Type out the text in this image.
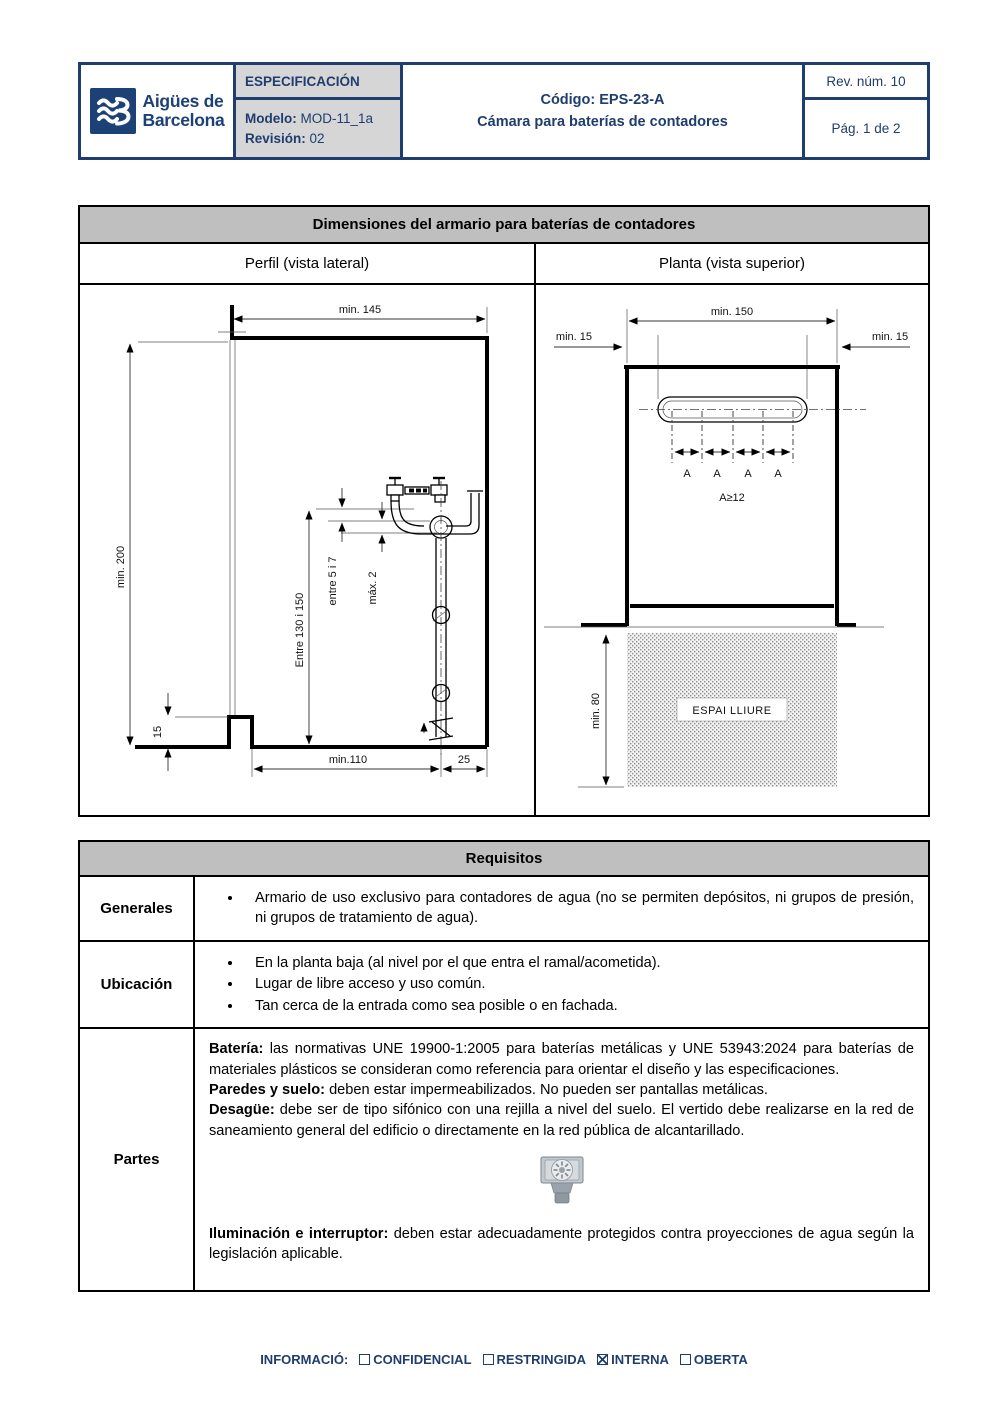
Aigües de
Barcelona
ESPECIFICACIÓN
Modelo: MOD-11_1a
Revisión: 02
Código: EPS-23-A
Cámara para baterías de contadores
Rev. núm. 10
Pág. 1 de 2
Dimensiones del armario para baterías de contadores
Perfil (vista lateral)	Planta (vista superior)
min. 145
min. 200
15
Entre 130 i 150
entre 5 i 7	máx. 2
min.110	25
min. 150
min. 15	min. 15
A A A A
A≥12
ESPAI LLIURE
min. 80
Requisitos	
Generales	
• Armario de uso exclusivo para contadores de agua (no se permiten depósitos, ni grupos de presión, ni grupos de tratamiento de agua).

Ubicación	
• En la planta baja (al nivel por el que entra el ramal/acometida).
• Lugar de libre acceso y uso común.
• Tan cerca de la entrada como sea posible o en fachada.

Partes	Batería: las normativas UNE 19900-1:2005 para baterías metálicas y UNE 53943:2024 para baterías de materiales plásticos se consideran como referencia para orientar el diseño y las especificaciones.

Paredes y suelo: deben estar impermeabilizados. No pueden ser pantallas metálicas.

Desagüe: debe ser de tipo sifónico con una rejilla a nivel del suelo. El vertido debe realizarse en la red de saneamiento general del edificio o directamente en la red pública de alcantarillado.

Iluminación e interruptor: deben estar adecuadamente protegidos contra proyecciones de agua según la legislación aplicable.

INFORMACIÓ: CONFIDENCIAL RESTRINGIDA INTERNA OBERTA
